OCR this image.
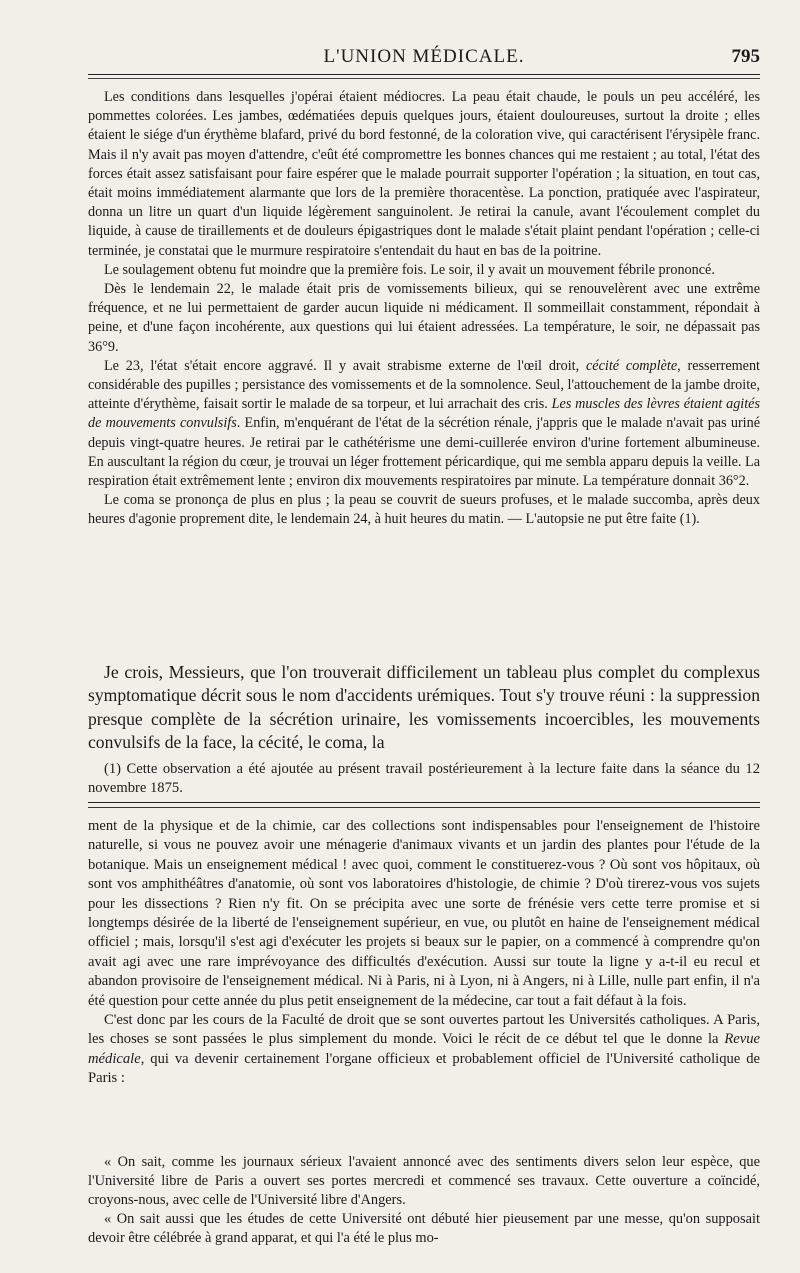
L'UNION MÉDICALE.	795

Les conditions dans lesquelles j'opérai étaient médiocres. La peau était chaude, le pouls un peu accéléré, les pommettes colorées. Les jambes, œdématiées depuis quelques jours, étaient douloureuses, surtout la droite ; elles étaient le siége d'un érythème blafard, privé du bord festonné, de la coloration vive, qui caractérisent l'érysipèle franc. Mais il n'y avait pas moyen d'attendre, c'eût été compromettre les bonnes chances qui me restaient ; au total, l'état des forces était assez satisfaisant pour faire espérer que le malade pourrait supporter l'opération ; la situation, en tout cas, était moins immédiatement alarmante que lors de la première thoracentèse. La ponction, pratiquée avec l'aspirateur, donna un litre un quart d'un liquide légèrement sanguinolent. Je retirai la canule, avant l'écoulement complet du liquide, à cause de tiraillements et de douleurs épigastriques dont le malade s'était plaint pendant l'opération ; celle-ci terminée, je constatai que le murmure respiratoire s'entendait du haut en bas de la poitrine.

Le soulagement obtenu fut moindre que la première fois. Le soir, il y avait un mouvement fébrile prononcé.

Dès le lendemain 22, le malade était pris de vomissements bilieux, qui se renouvelèrent avec une extrême fréquence, et ne lui permettaient de garder aucun liquide ni médicament. Il sommeillait constamment, répondait à peine, et d'une façon incohérente, aux questions qui lui étaient adressées. La température, le soir, ne dépassait pas 36°9.

Le 23, l'état s'était encore aggravé. Il y avait strabisme externe de l'œil droit, cécité complète, resserrement considérable des pupilles ; persistance des vomissements et de la somnolence. Seul, l'attouchement de la jambe droite, atteinte d'érythème, faisait sortir le malade de sa torpeur, et lui arrachait des cris. Les muscles des lèvres étaient agités de mouvements convulsifs. Enfin, m'enquérant de l'état de la sécrétion rénale, j'appris que le malade n'avait pas uriné depuis vingt-quatre heures. Je retirai par le cathétérisme une demi-cuillerée environ d'urine fortement albumineuse. En auscultant la région du cœur, je trouvai un léger frottement péricardique, qui me sembla apparu depuis la veille. La respiration était extrêmement lente ; environ dix mouvements respiratoires par minute. La température donnait 36°2.

Le coma se prononça de plus en plus ; la peau se couvrit de sueurs profuses, et le malade succomba, après deux heures d'agonie proprement dite, le lendemain 24, à huit heures du matin. — L'autopsie ne put être faite (1).

Je crois, Messieurs, que l'on trouverait difficilement un tableau plus complet du complexus symptomatique décrit sous le nom d'accidents urémiques. Tout s'y trouve réuni : la suppression presque complète de la sécrétion urinaire, les vomissements incoercibles, les mouvements convulsifs de la face, la cécité, le coma, la

(1) Cette observation a été ajoutée au présent travail postérieurement à la lecture faite dans la séance du 12 novembre 1875.

ment de la physique et de la chimie, car des collections sont indispensables pour l'enseignement de l'histoire naturelle, si vous ne pouvez avoir une ménagerie d'animaux vivants et un jardin des plantes pour l'étude de la botanique. Mais un enseignement médical ! avec quoi, comment le constituerez-vous ? Où sont vos hôpitaux, où sont vos amphithéâtres d'anatomie, où sont vos laboratoires d'histologie, de chimie ? D'où tirerez-vous vos sujets pour les dissections ? Rien n'y fit. On se précipita avec une sorte de frénésie vers cette terre promise et si longtemps désirée de la liberté de l'enseignement supérieur, en vue, ou plutôt en haine de l'enseignement médical officiel ; mais, lorsqu'il s'est agi d'exécuter les projets si beaux sur le papier, on a commencé à comprendre qu'on avait agi avec une rare imprévoyance des difficultés d'exécution. Aussi sur toute la ligne y a-t-il eu recul et abandon provisoire de l'enseignement médical. Ni à Paris, ni à Lyon, ni à Angers, ni à Lille, nulle part enfin, il n'a été question pour cette année du plus petit enseignement de la médecine, car tout a fait défaut à la fois.

C'est donc par les cours de la Faculté de droit que se sont ouvertes partout les Universités catholiques. A Paris, les choses se sont passées le plus simplement du monde. Voici le récit de ce début tel que le donne la Revue médicale, qui va devenir certainement l'organe officieux et probablement officiel de l'Université catholique de Paris :

« On sait, comme les journaux sérieux l'avaient annoncé avec des sentiments divers selon leur espèce, que l'Université libre de Paris a ouvert ses portes mercredi et commencé ses travaux. Cette ouverture a coïncidé, croyons-nous, avec celle de l'Université libre d'Angers.

« On sait aussi que les études de cette Université ont débuté hier pieusement par une messe, qu'on supposait devoir être célébrée à grand apparat, et qui l'a été le plus mo-
